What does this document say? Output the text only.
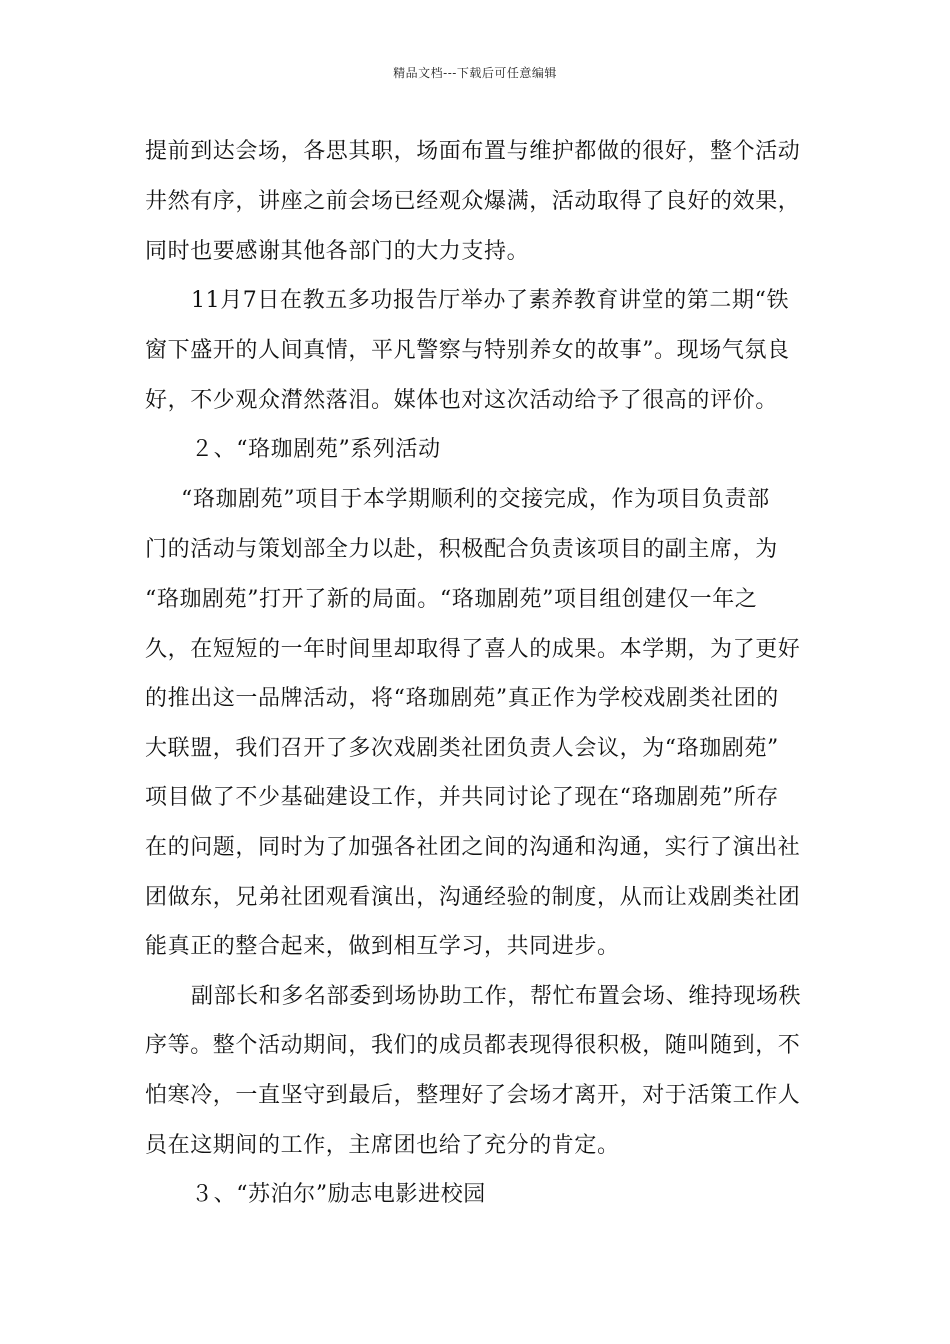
精品文档---下载后可任意编辑
提前到达会场，各思其职，场面布置与维护都做的很好，整个活动
井然有序，讲座之前会场已经观众爆满，活动取得了良好的效果，
同时也要感谢其他各部门的大力支持。
11月7日在教五多功报告厅举办了素养教育讲堂的第二期“铁
窗下盛开的人间真情，平凡警察与特别养女的故事”。现场气氛良
好，不少观众潸然落泪。媒体也对这次活动给予了很高的评价。
２、“珞珈剧苑”系列活动
“珞珈剧苑”项目于本学期顺利的交接完成，作为项目负责部
门的活动与策划部全力以赴，积极配合负责该项目的副主席，为
“珞珈剧苑”打开了新的局面。“珞珈剧苑”项目组创建仅一年之
久，在短短的一年时间里却取得了喜人的成果。本学期，为了更好
的推出这一品牌活动，将“珞珈剧苑”真正作为学校戏剧类社团的
大联盟，我们召开了多次戏剧类社团负责人会议，为“珞珈剧苑”
项目做了不少基础建设工作，并共同讨论了现在“珞珈剧苑”所存
在的问题，同时为了加强各社团之间的沟通和沟通，实行了演出社
团做东，兄弟社团观看演出，沟通经验的制度，从而让戏剧类社团
能真正的整合起来，做到相互学习，共同进步。
副部长和多名部委到场协助工作，帮忙布置会场、维持现场秩
序等。整个活动期间，我们的成员都表现得很积极，随叫随到，不
怕寒冷，一直坚守到最后，整理好了会场才离开，对于活策工作人
员在这期间的工作，主席团也给了充分的肯定。
３、“苏泊尔”励志电影进校园
